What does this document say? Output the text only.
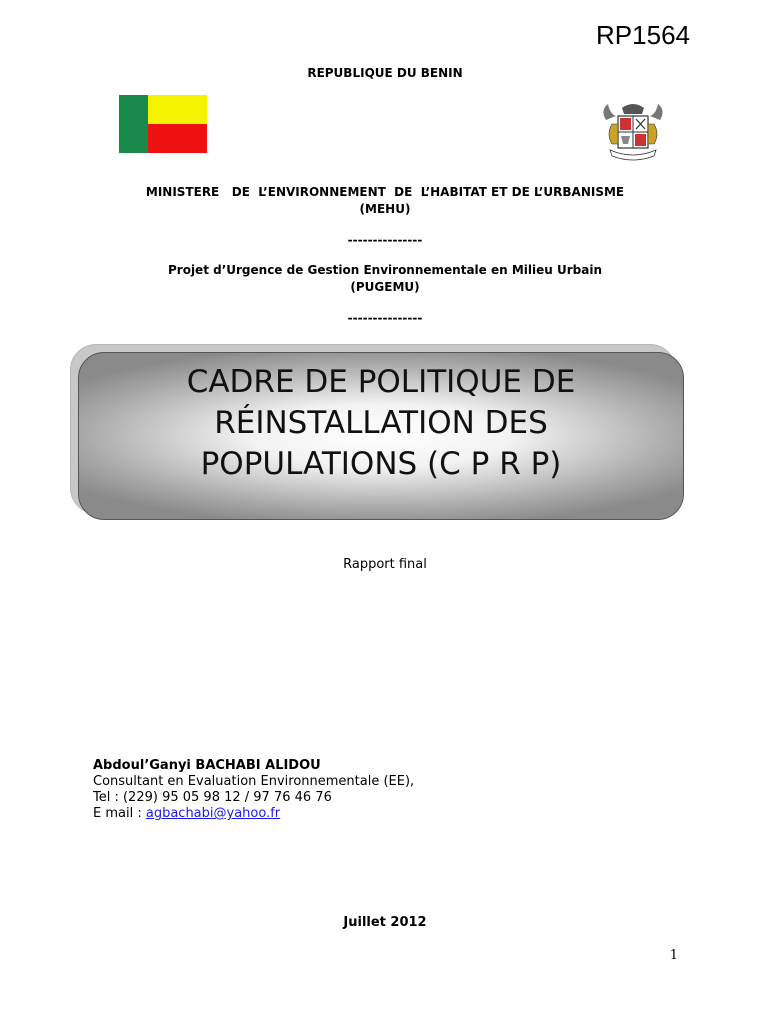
RP1564
REPUBLIQUE DU BENIN
MINISTERE   DE  L’ENVIRONNEMENT  DE  L’HABITAT ET DE L’URBANISME
(MEHU)
---------------
Projet d’Urgence de Gestion Environnementale en Milieu Urbain
(PUGEMU)
---------------
CADRE DE POLITIQUE DE
RÉINSTALLATION DES
POPULATIONS (C P R P)
Rapport final
Abdoul’Ganyi BACHABI ALIDOU
Consultant en Evaluation Environnementale (EE),
Tel : (229) 95 05 98 12 / 97 76 46 76
E mail : agbachabi@yahoo.fr
Juillet 2012
1
